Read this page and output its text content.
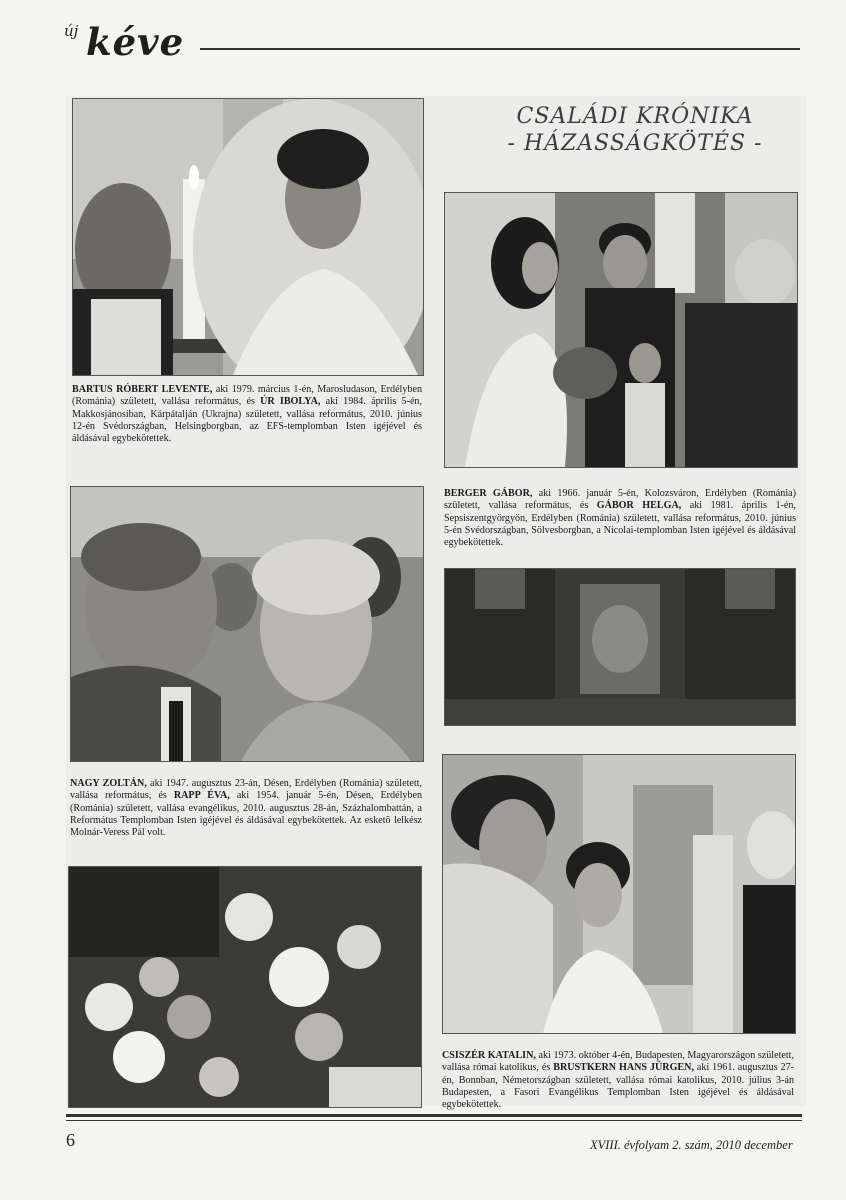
új kéve
CSALÁDI KRÓNIKA
- HÁZASSÁGKÖTÉS -
BARTUS RÓBERT LEVENTE, aki 1979. március 1-én, Marosludason, Erdélyben (Románia) született, vallása református, és ÚR IBOLYA, aki 1984. április 5-én, Makkosjánosiban, Kárpátalján (Ukrajna) született, vallása református, 2010. június 12-én Svédországban, Helsingborgban, az EFS-templomban Isten igéjével és áldásával egybekötettek.
BERGER GÁBOR, aki 1966. január 5-én, Kolozsváron, Erdélyben (Románia) született, vallása református, és GÁBOR HELGA, aki 1981. április 1-én, Sepsiszentgyörgyön, Erdélyben (Románia) született, vallása református, 2010. június 5-én Svédországban, Sölvesborgban, a Nicolai-templomban Isten igéjével és áldásával egybekötettek.
NAGY ZOLTÁN, aki 1947. augusztus 23-án, Désen, Erdélyben (Románia) született, vallása református, és RAPP ÉVA, aki 1954. január 5-én, Désen, Erdélyben (Románia) született, vallása evangélikus, 2010. augusztus 28-án, Százhalombattán, a Református Templomban Isten igéjével és áldásával egybekötettek. Az esketõ lelkész Molnár-Veress Pál volt.
CSISZÉR KATALIN, aki 1973. október 4-én, Budapesten, Magyarországon született, vallása római katolikus, és BRUSTKERN HANS JÜRGEN, aki 1961. augusztus 27-én, Bonnban, Németországban született, vallása római katolikus, 2010. július 3-án Budapesten, a Fasori Evangélikus Templomban Isten igéjével és áldásával egybekötettek.
6	XVIII. évfolyam 2. szám, 2010 december
